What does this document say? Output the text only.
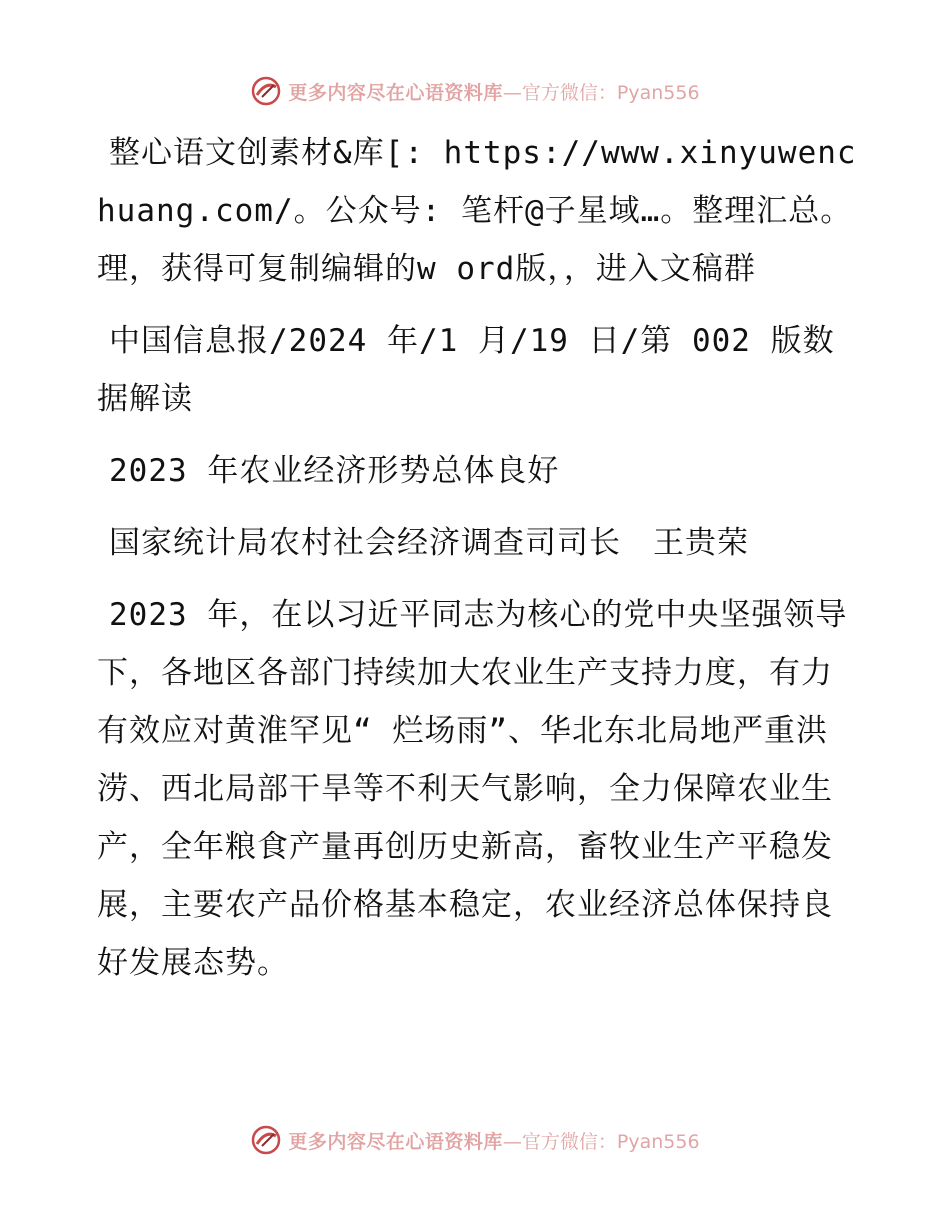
更多内容尽在心语资料库 —官方微信：Pyan556

整心语文创素材&库[: https://www.xinyuwenchuang.com/。公众号: 笔杆@子星域…。整理汇总。理，获得可复制编辑的w ord版，，进入文稿群

中国信息报/2024 年/1 月/19 日/第 002 版数据解读

2023 年农业经济形势总体良好

国家统计局农村社会经济调查司司长　王贵荣

2023 年，在以习近平同志为核心的党中央坚强领导下，各地区各部门持续加大农业生产支持力度，有力有效应对黄淮罕见“ 烂场雨”、华北东北局地严重洪涝、西北局部干旱等不利天气影响，全力保障农业生产，全年粮食产量再创历史新高，畜牧业生产平稳发展，主要农产品价格基本稳定，农业经济总体保持良好发展态势。

更多内容尽在心语资料库 —官方微信：Pyan556
